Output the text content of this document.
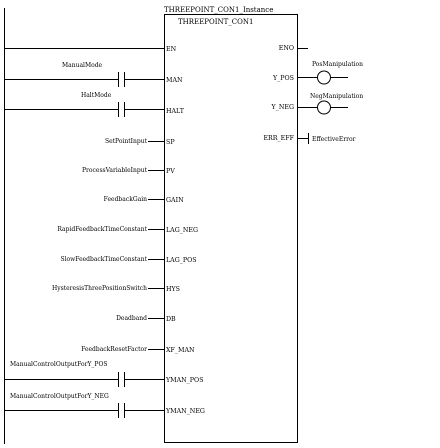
THREEPOINT_CON1_Instance
THREEPOINT_CON1
EN
MAN
HALT
SP
PV
GAIN
LAG_NEG
LAG_POS
HYS
DB
XF_MAN
YMAN_POS
YMAN_NEG
ENO
Y_POS
Y_NEG
ERR_EFF
ManualMode
HaltMode
SetPointInput
ProcessVariableInput
FeedbackGain
RapidFeedbackTimeConstant
SlowFeedbackTimeConstant
HysteresisThreePositionSwitch
Deadband
FeedbackResetFactor
ManualControlOutputForY_POS
ManualControlOutputForY_NEG
PosManipulation
NegManipulation
EffectiveError
